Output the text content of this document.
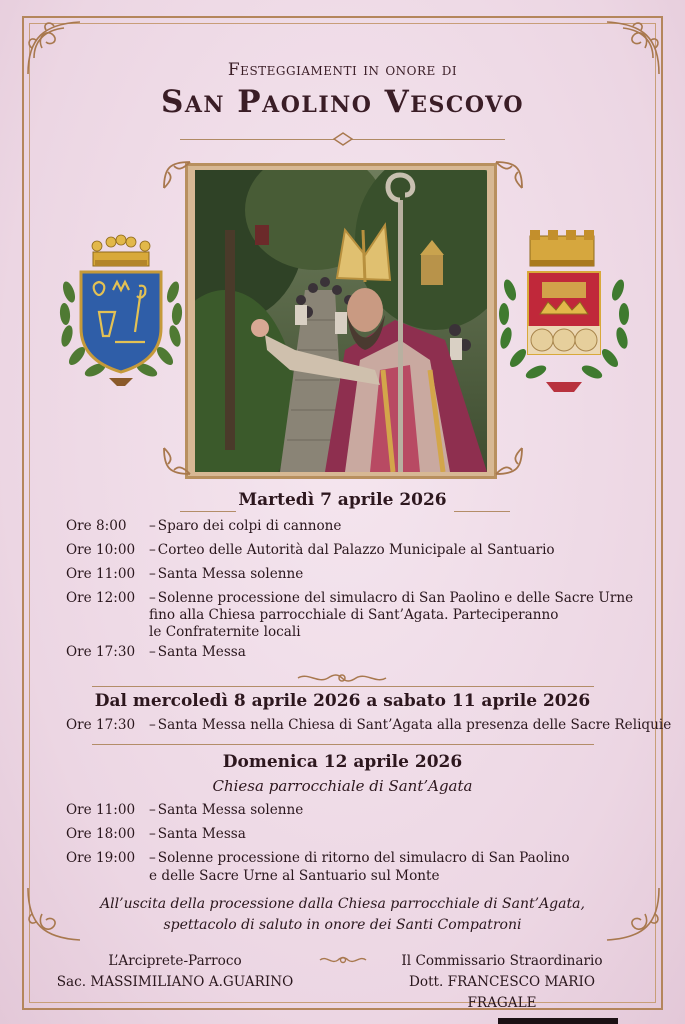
Festeggiamenti in onore di
San Paolino Vescovo
Martedì 7 aprile 2026
Ore 8:00 – Sparo dei colpi di cannone
Ore 10:00 – Corteo delle Autorità dal Palazzo Municipale al Santuario
Ore 11:00 – Santa Messa solenne
Ore 12:00 – Solenne processione del simulacro di San Paolino e delle Sacre Urne
fino alla Chiesa parrocchiale di Sant’Agata. Parteciperanno
le Confraternite locali
Ore 17:30 – Santa Messa
Dal mercoledì 8 aprile 2026 a sabato 11 aprile 2026
Ore 17:30 – Santa Messa nella Chiesa di Sant’Agata alla presenza delle Sacre Reliquie
Domenica 12 aprile 2026
Chiesa parrocchiale di Sant’Agata
Ore 11:00 – Santa Messa solenne
Ore 18:00 – Santa Messa
Ore 19:00 – Solenne processione di ritorno del simulacro di San Paolino
e delle Sacre Urne al Santuario sul Monte
All’uscita della processione dalla Chiesa parrocchiale di Sant’Agata,
spettacolo di saluto in onore dei Santi Compatroni
L’Arciprete-Parroco
Sac. MASSIMILIANO A.GUARINO
Il Commissario Straordinario
Dott. FRANCESCO MARIO FRAGALE
